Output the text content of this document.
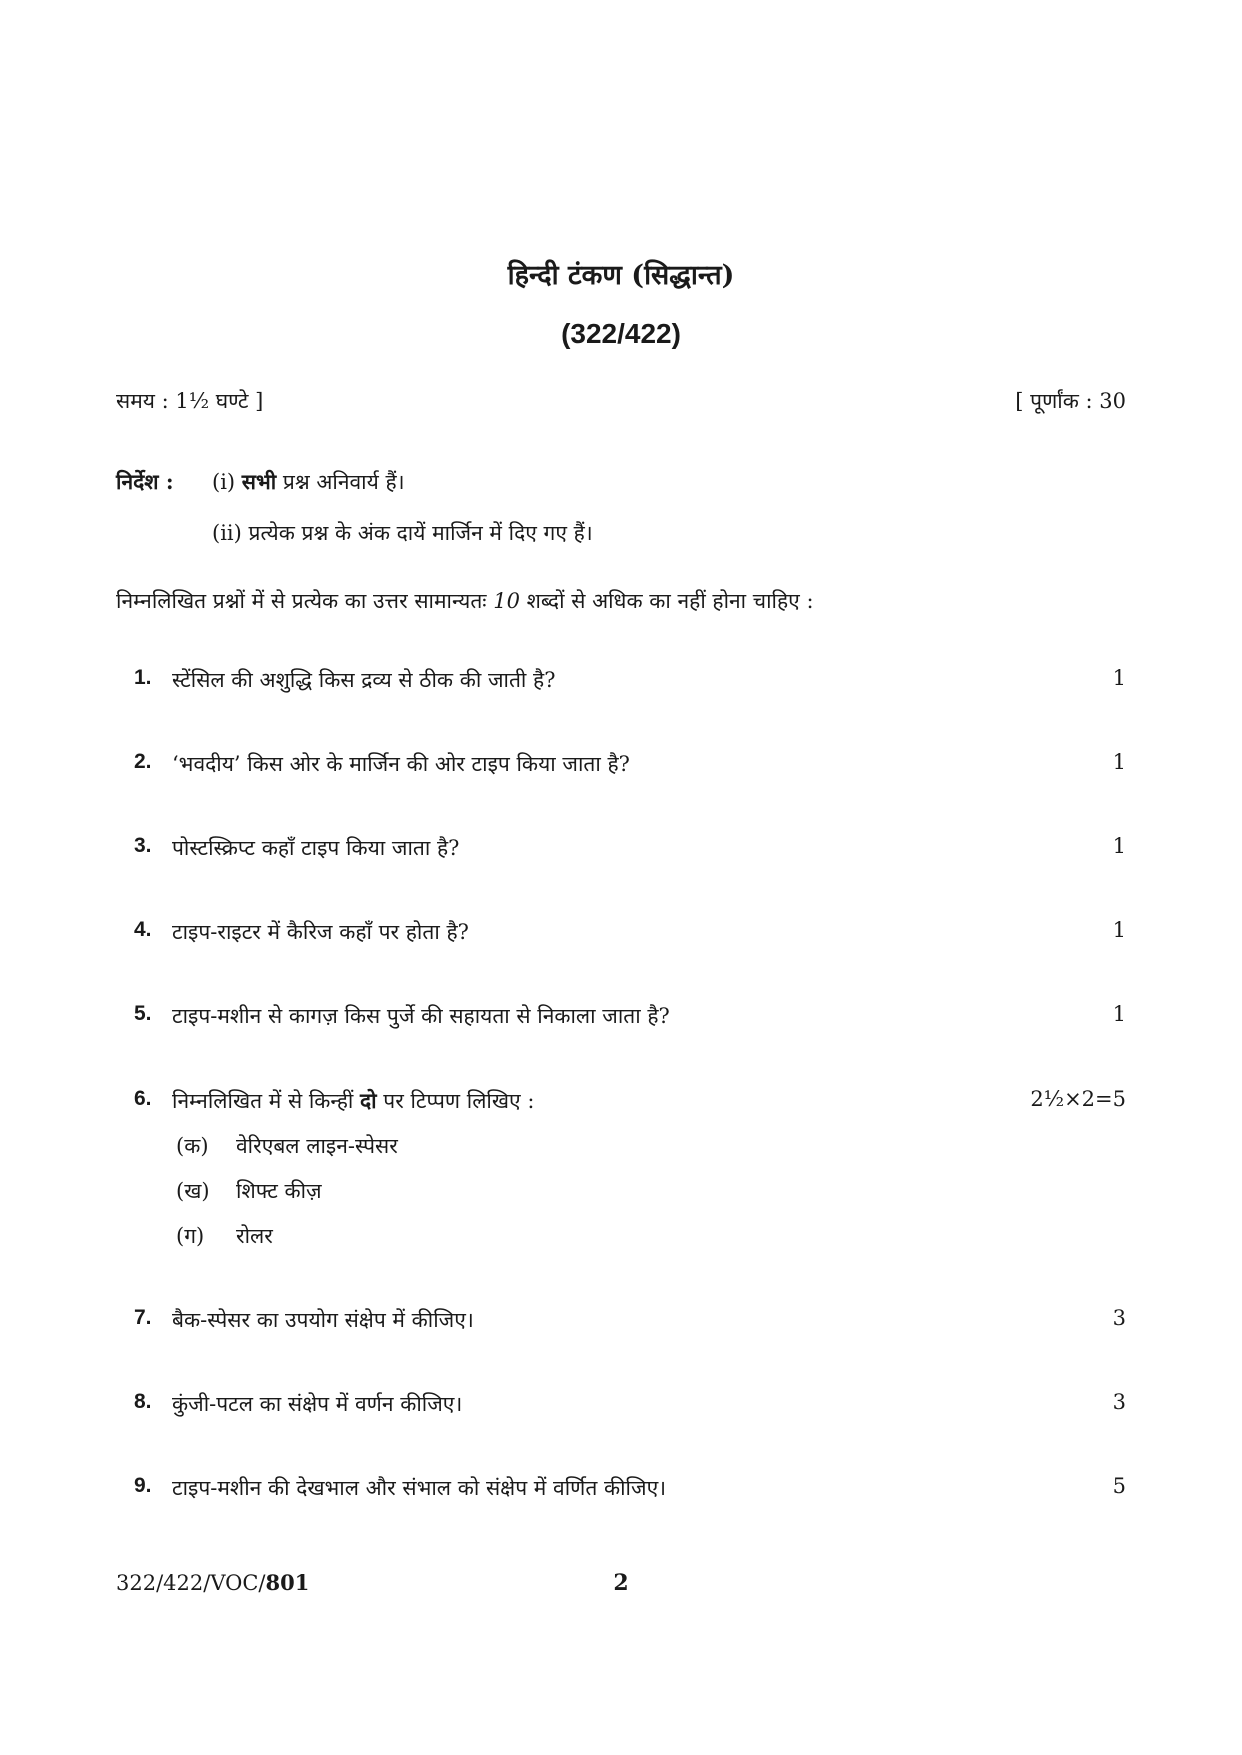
हिन्दी टंकण (सिद्धान्त)
(322/422)
समय : 1½ घण्टे ]	[ पूर्णांक : 30
निर्देश : (i) सभी प्रश्न अनिवार्य हैं।
(ii) प्रत्येक प्रश्न के अंक दायें मार्जिन में दिए गए हैं।
निम्नलिखित प्रश्नों में से प्रत्येक का उत्तर सामान्यतः 10 शब्दों से अधिक का नहीं होना चाहिए :
1. स्टेंसिल की अशुद्धि किस द्रव्य से ठीक की जाती है?	1
2. ‘भवदीय’ किस ओर के मार्जिन की ओर टाइप किया जाता है?	1
3. पोस्टस्क्रिप्ट कहाँ टाइप किया जाता है?	1
4. टाइप-राइटर में कैरिज कहाँ पर होता है?	1
5. टाइप-मशीन से कागज़ किस पुर्जे की सहायता से निकाला जाता है?	1
6. निम्नलिखित में से किन्हीं दो पर टिप्पण लिखिए :	2½×2=5
(क) वेरिएबल लाइन-स्पेसर
(ख) शिफ्ट कीज़
(ग) रोलर
7. बैक-स्पेसर का उपयोग संक्षेप में कीजिए।	3
8. कुंजी-पटल का संक्षेप में वर्णन कीजिए।	3
9. टाइप-मशीन की देखभाल और संभाल को संक्षेप में वर्णित कीजिए।	5
322/422/VOC/801	2
